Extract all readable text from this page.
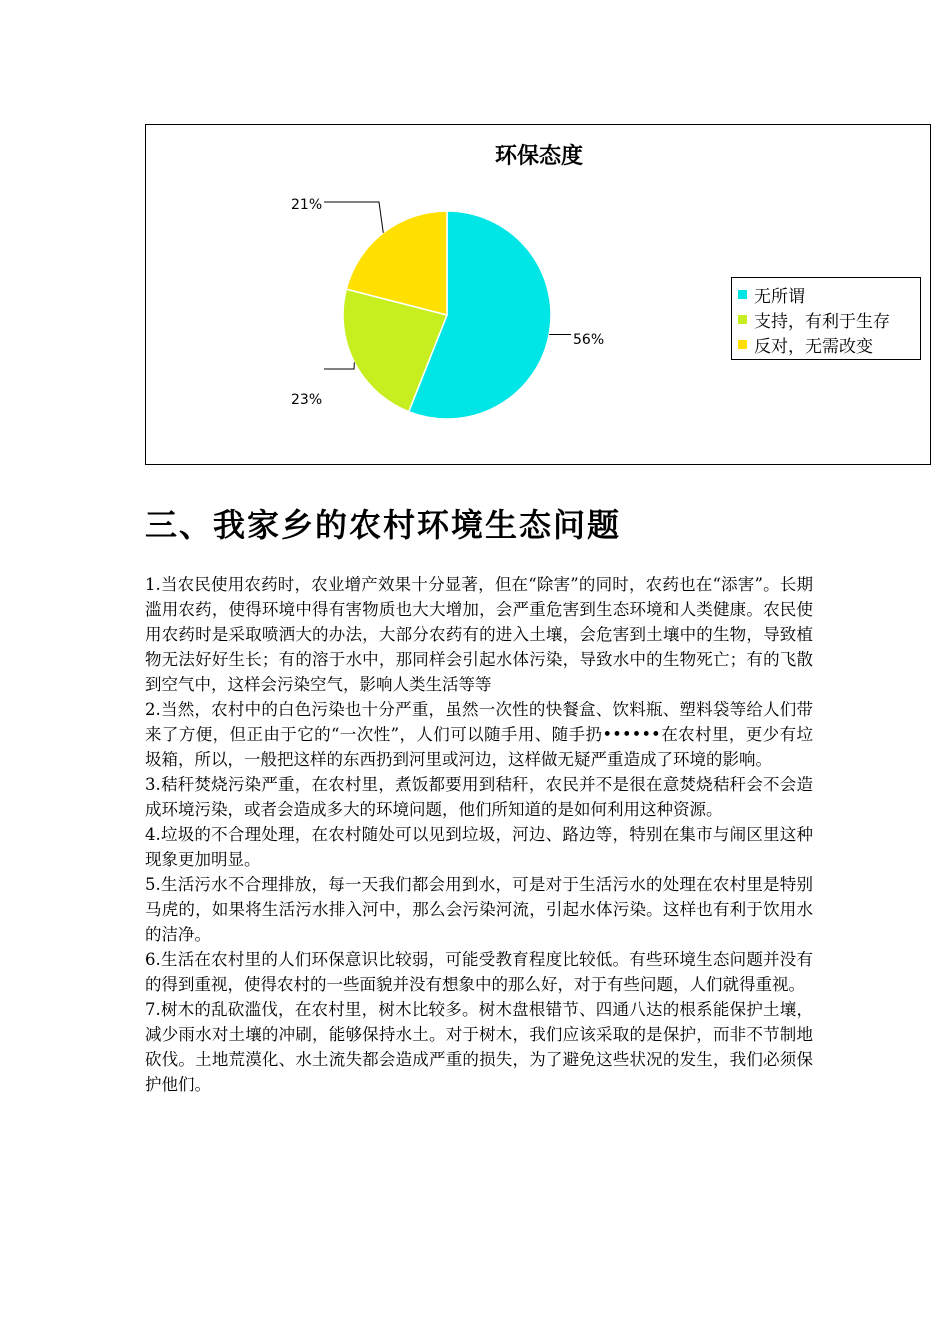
环保态度
56%
23%
21%
无所谓
支持，有利于生存
反对，无需改变
三、我家乡的农村环境生态问题

1.当农民使用农药时，农业增产效果十分显著，但在“除害”的同时，农药也在“添害”。长期滥用农药，使得环境中得有害物质也大大增加，会严重危害到生态环境和人类健康。农民使用农药时是采取喷洒大的办法，大部分农药有的进入土壤，会危害到土壤中的生物，导致植物无法好好生长；有的溶于水中，那同样会引起水体污染，导致水中的生物死亡；有的飞散到空气中，这样会污染空气，影响人类生活等等

2.当然，农村中的白色污染也十分严重，虽然一次性的快餐盒、饮料瓶、塑料袋等给人们带来了方便，但正由于它的“一次性”，人们可以随手用、随手扔••••••在农村里，更少有垃圾箱，所以，一般把这样的东西扔到河里或河边，这样做无疑严重造成了环境的影响。

3.秸秆焚烧污染严重，在农村里，煮饭都要用到秸秆，农民并不是很在意焚烧秸秆会不会造成环境污染，或者会造成多大的环境问题，他们所知道的是如何利用这种资源。

4.垃圾的不合理处理，在农村随处可以见到垃圾，河边、路边等，特别在集市与闹区里这种现象更加明显。

5.生活污水不合理排放，每一天我们都会用到水，可是对于生活污水的处理在农村里是特别马虎的，如果将生活污水排入河中，那么会污染河流，引起水体污染。这样也有利于饮用水的洁净。

6.生活在农村里的人们环保意识比较弱，可能受教育程度比较低。有些环境生态问题并没有的得到重视，使得农村的一些面貌并没有想象中的那么好，对于有些问题，人们就得重视。

7.树木的乱砍滥伐，在农村里，树木比较多。树木盘根错节、四通八达的根系能保护土壤，减少雨水对土壤的冲刷，能够保持水土。对于树木，我们应该采取的是保护，而非不节制地砍伐。土地荒漠化、水土流失都会造成严重的损失，为了避免这些状况的发生，我们必须保护他们。
